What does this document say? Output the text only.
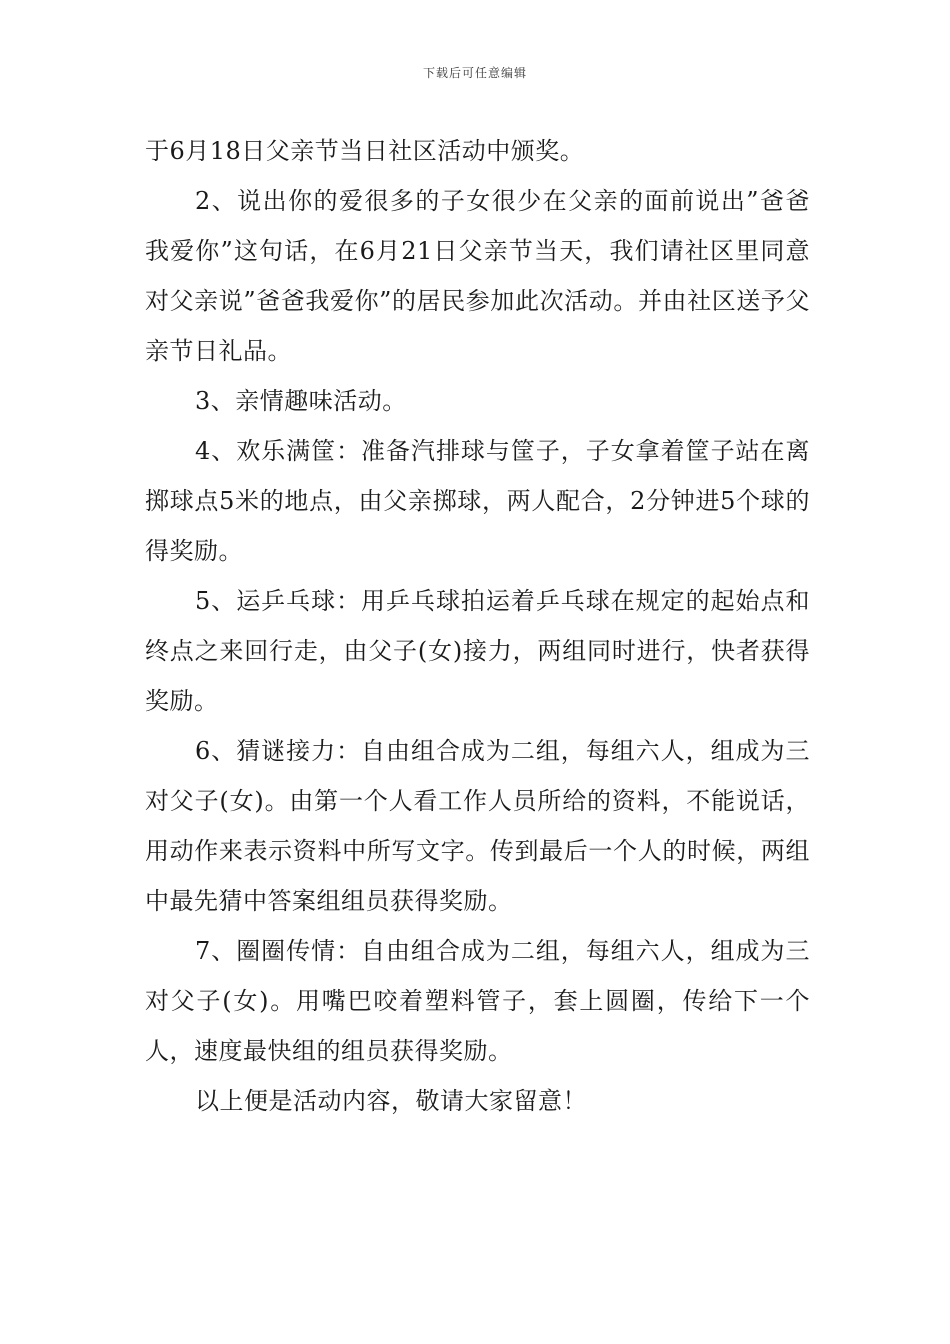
下载后可任意编辑

于6月18日父亲节当日社区活动中颁奖。

2、说出你的爱很多的子女很少在父亲的面前说出”爸爸我爱你”这句话，在6月21日父亲节当天，我们请社区里同意对父亲说”爸爸我爱你”的居民参加此次活动。并由社区送予父亲节日礼品。

3、亲情趣味活动。

4、欢乐满筐：准备汽排球与筐子，子女拿着筐子站在离掷球点5米的地点，由父亲掷球，两人配合，2分钟进5个球的得奖励。

5、运乒乓球：用乒乓球拍运着乒乓球在规定的起始点和终点之来回行走，由父子(女)接力，两组同时进行，快者获得奖励。

6、猜谜接力：自由组合成为二组，每组六人，组成为三对父子(女)。由第一个人看工作人员所给的资料，不能说话，用动作来表示资料中所写文字。传到最后一个人的时候，两组中最先猜中答案组组员获得奖励。

7、圈圈传情：自由组合成为二组，每组六人，组成为三对父子(女)。用嘴巴咬着塑料管子，套上圆圈，传给下一个人，速度最快组的组员获得奖励。

以上便是活动内容，敬请大家留意！
